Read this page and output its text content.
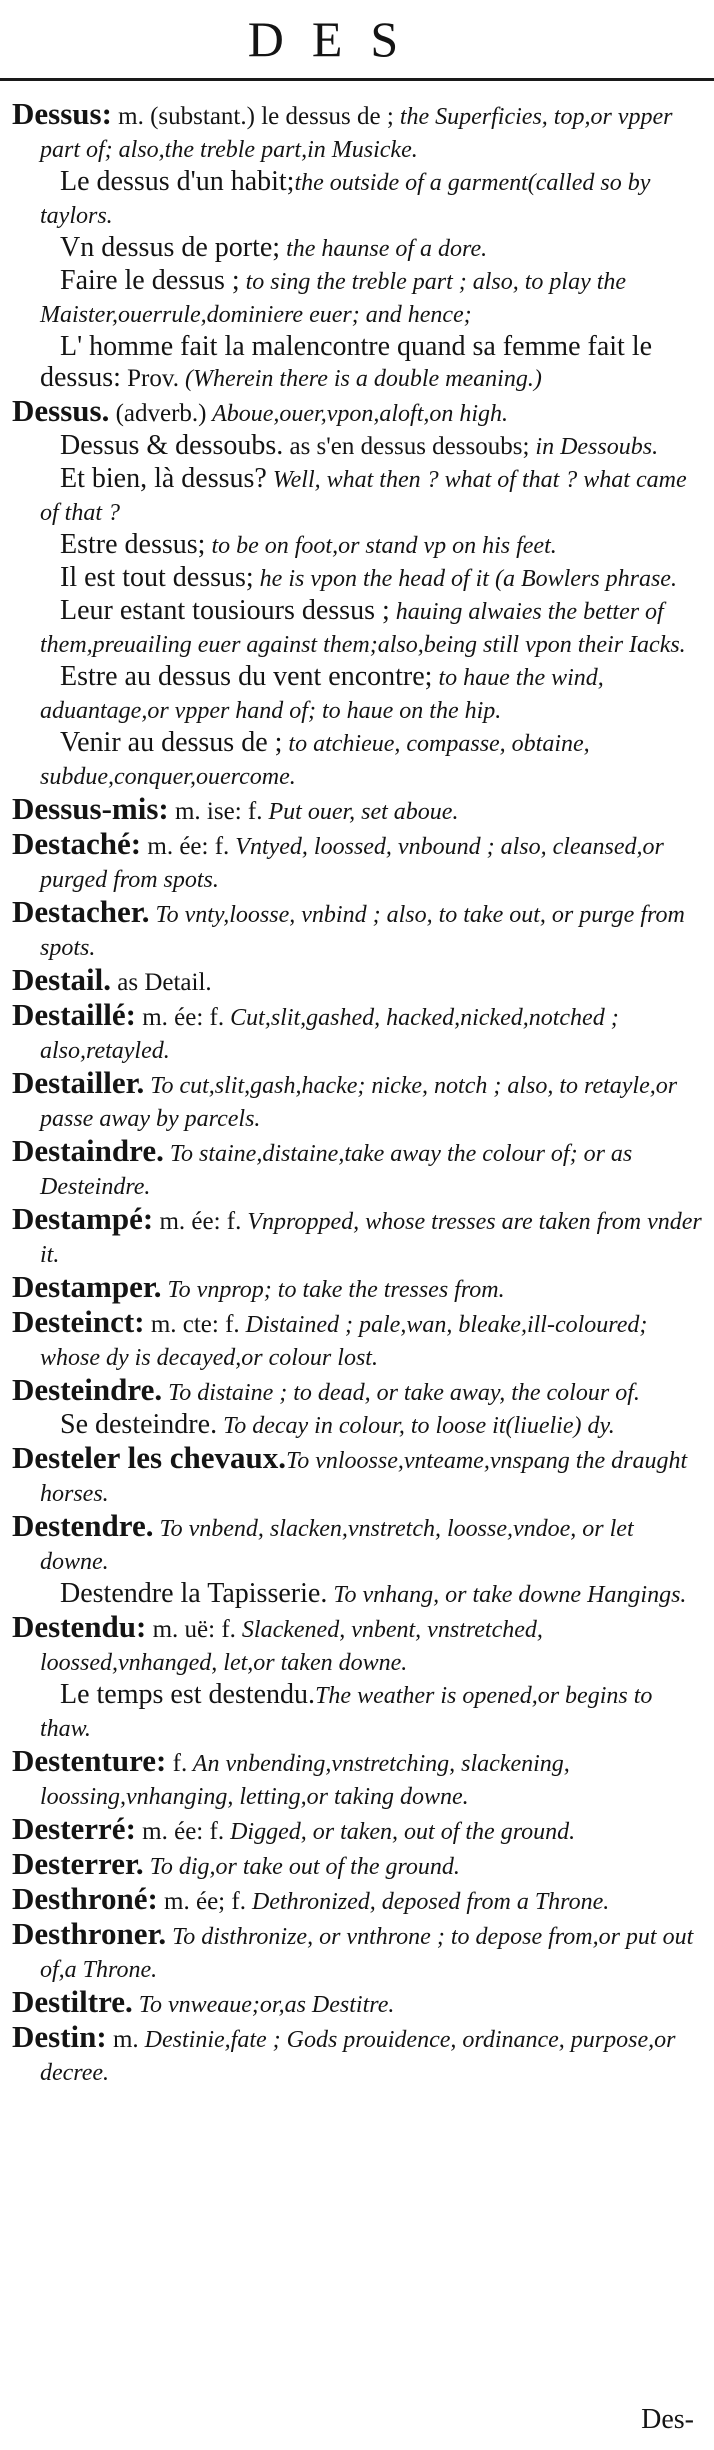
DES

Dessus: m. (substant.) le dessus de ; the Superficies, top,or vpper part of; also,the treble part,in Musicke.

Le dessus d'un habit;the outside of a garment(called so by taylors.

Vn dessus de porte; the haunse of a dore.

Faire le dessus ; to sing the treble part ; also, to play the Maister,ouerrule,dominiere euer; and hence;

L' homme fait la malencontre quand sa femme fait le dessus: Prov. (Wherein there is a double meaning.)

Dessus. (adverb.) Aboue,ouer,vpon,aloft,on high.

Dessus & dessoubs. as s'en dessus dessoubs; in Dessoubs.

Et bien, là dessus? Well, what then ? what of that ? what came of that ?

Estre dessus; to be on foot,or stand vp on his feet.

Il est tout dessus; he is vpon the head of it (a Bowlers phrase.

Leur estant tousiours dessus ; hauing alwaies the better of them,preuailing euer against them;also,being still vpon their Iacks.

Estre au dessus du vent encontre; to haue the wind, aduantage,or vpper hand of; to haue on the hip.

Venir au dessus de ; to atchieue, compasse, obtaine, subdue,conquer,ouercome.

Dessus-mis: m. ise: f. Put ouer, set aboue.

Destaché: m. ée: f. Vntyed, loossed, vnbound ; also, cleansed,or purged from spots.

Destacher. To vnty,loosse, vnbind ; also, to take out, or purge from spots.

Destail. as Detail.

Destaillé: m. ée: f. Cut,slit,gashed, hacked,nicked,notched ; also,retayled.

Destailler. To cut,slit,gash,hacke; nicke, notch ; also, to retayle,or passe away by parcels.

Destaindre. To staine,distaine,take away the colour of; or as Desteindre.

Destampé: m. ée: f. Vnpropped, whose tresses are taken from vnder it.

Destamper. To vnprop; to take the tresses from.

Desteinct: m. cte: f. Distained ; pale,wan, bleake,ill-coloured; whose dy is decayed,or colour lost.

Desteindre. To distaine ; to dead, or take away, the colour of.

Se desteindre. To decay in colour, to loose it(liuelie) dy.

Desteler les chevaux.To vnloosse,vnteame,vnspang the draught horses.

Destendre. To vnbend, slacken,vnstretch, loosse,vndoe, or let downe.

Destendre la Tapisserie. To vnhang, or take downe Hangings.

Destendu: m. uë: f. Slackened, vnbent, vnstretched, loossed,vnhanged, let,or taken downe.

Le temps est destendu.The weather is opened,or begins to thaw.

Destenture: f. An vnbending,vnstretching, slackening, loossing,vnhanging, letting,or taking downe.

Desterré: m. ée: f. Digged, or taken, out of the ground.

Desterrer. To dig,or take out of the ground.

Desthroné: m. ée; f. Dethronized, deposed from a Throne.

Desthroner. To disthronize, or vnthrone ; to depose from,or put out of,a Throne.

Destiltre. To vnweaue;or,as Destitre.

Destin: m. Destinie,fate ; Gods prouidence, ordinance, purpose,or decree.

Des-
